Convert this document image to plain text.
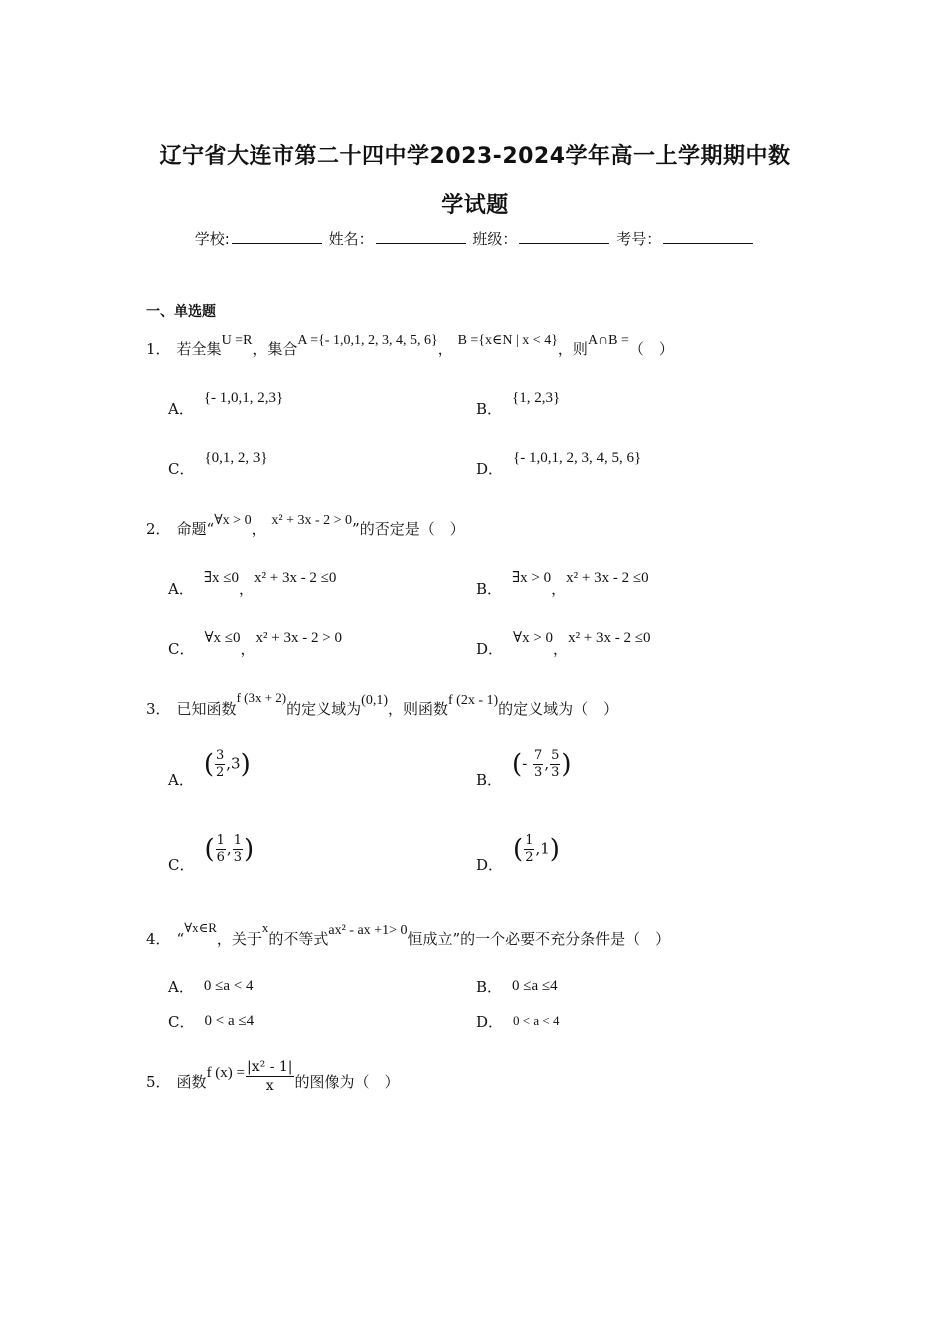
辽宁省大连市第二十四中学2023-2024学年高一上学期期中数
学试题
学校:	姓名：	班级：	考号：
一、单选题
1． 若全集U =R，集合A ={- 1,0,1, 2, 3, 4, 5, 6}， B ={x∈N | x < 4}，则A∩B =（　）
A．{- 1,0,1, 2,3}
B．{1, 2,3}
C．{0,1, 2, 3}
D．{- 1,0,1, 2, 3, 4, 5, 6}
2． 命题“∀x > 0， x² + 3x - 2 > 0”的否定是（　）
A．∃x ≤0，x² + 3x - 2 ≤0
B．∃x > 0，x² + 3x - 2 ≤0
C．∀x ≤0，x² + 3x - 2 > 0
D．∀x > 0，x² + 3x - 2 ≤0
3． 已知函数f (3x + 2)的定义域为(0,1)，则函数f (2x - 1)的定义域为（　）
A． ( $\frac{3}{2} ,3$)	B． (- $\frac{7}{3}$ , $\frac{5}{3}$ )
C． ( $\frac{1}{6}$ , $\frac{1}{3}$ )	D． ( $\frac{1}{2} ,1$)
4． “∀x∈R，关于x的不等式ax² - ax +1> 0恒成立”的一个必要不充分条件是（　）
A． 0 ≤a < 4	B． 0 ≤a ≤4
C． 0 < a ≤4	D． 0 < a < 4
5． 函数f $(x) = \frac{\text{|x² - 1|}}{x}$ 的图像为（　）
